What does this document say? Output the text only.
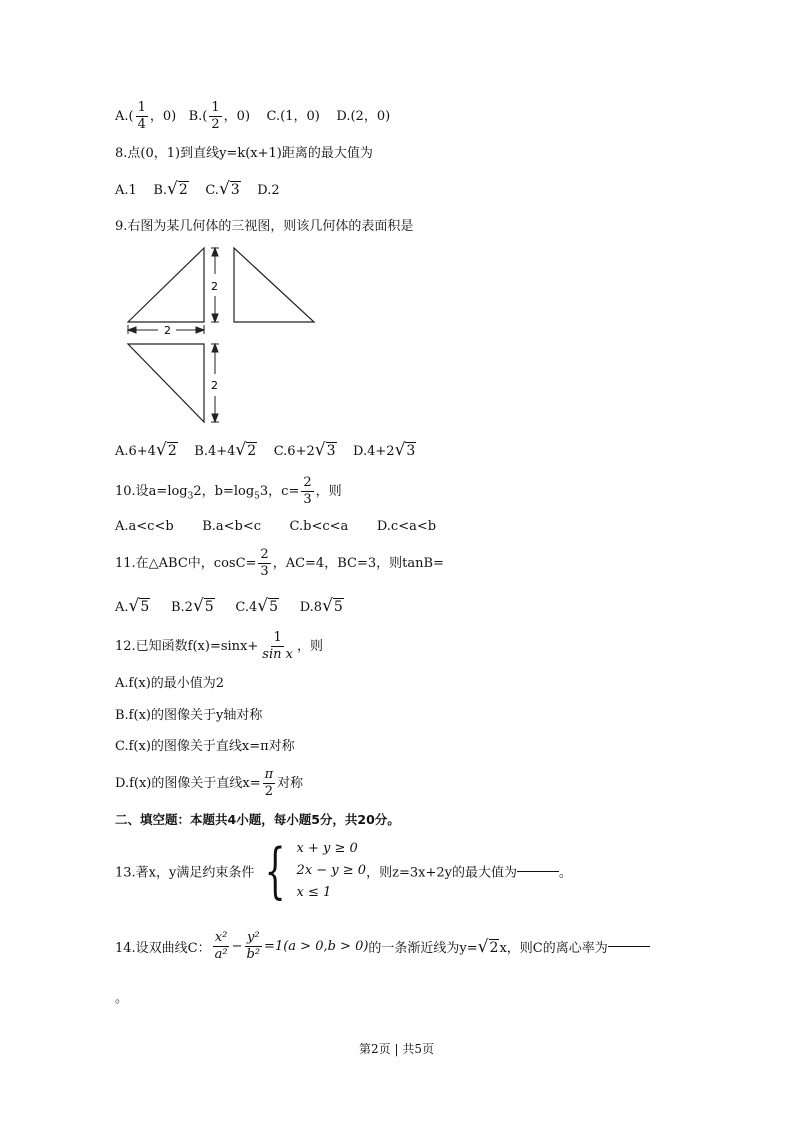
$A.( \frac{1}{4}$ ，0) $B.( \frac{1}{2}$ ，0) C.(1，0) D.(2，0)
8.点(0，1)到直线y=k(x+1)距离的最大值为
A.1 B.√2 C.√3 D.2
9.右图为某几何体的三视图，则该几何体的表面积是
2
2
2
A.6+4√2 B.4+4√2 C.6+2√3 D.4+2√3
10.设$a=\log_32$，$b=\log_53$，$c= \frac{2}{3}$ ，则
A.a<c<b    B.a<b<c    C.b<c<a    D.c<a<b
11.在△ABC中，$\cos C= \frac{2}{3}$ ，AC=4，BC=3，则tanB=
A.√5 B.2√5 C.4√5 D.8√5
12.已知函数$f(x)=\sin x+ \frac{1}{\text{sin x}}$ ，则
A.f(x)的最小值为2
B.f(x)的图像关于y轴对称
C.f(x)的图像关于直线x=π对称
D.f(x)的图像关于直线$x= \frac{\pi}{2}$ 对称
二、填空题：本题共4小题，每小题5分，共20分。
13.著x，y满足约束条件 { x + y ≥ 0
2x − y ≥ 0
x ≤ 1
，则z=3x+2y的最大值为	。
14.设双曲线C： $\frac{\text{x²}}{\text{a²}} - \frac{\text{y²}}{\text{b²}} =1(a > 0,b > 0)$的一条渐近线为y=√2x，则C的离心率为
。
第2页 | 共5页
